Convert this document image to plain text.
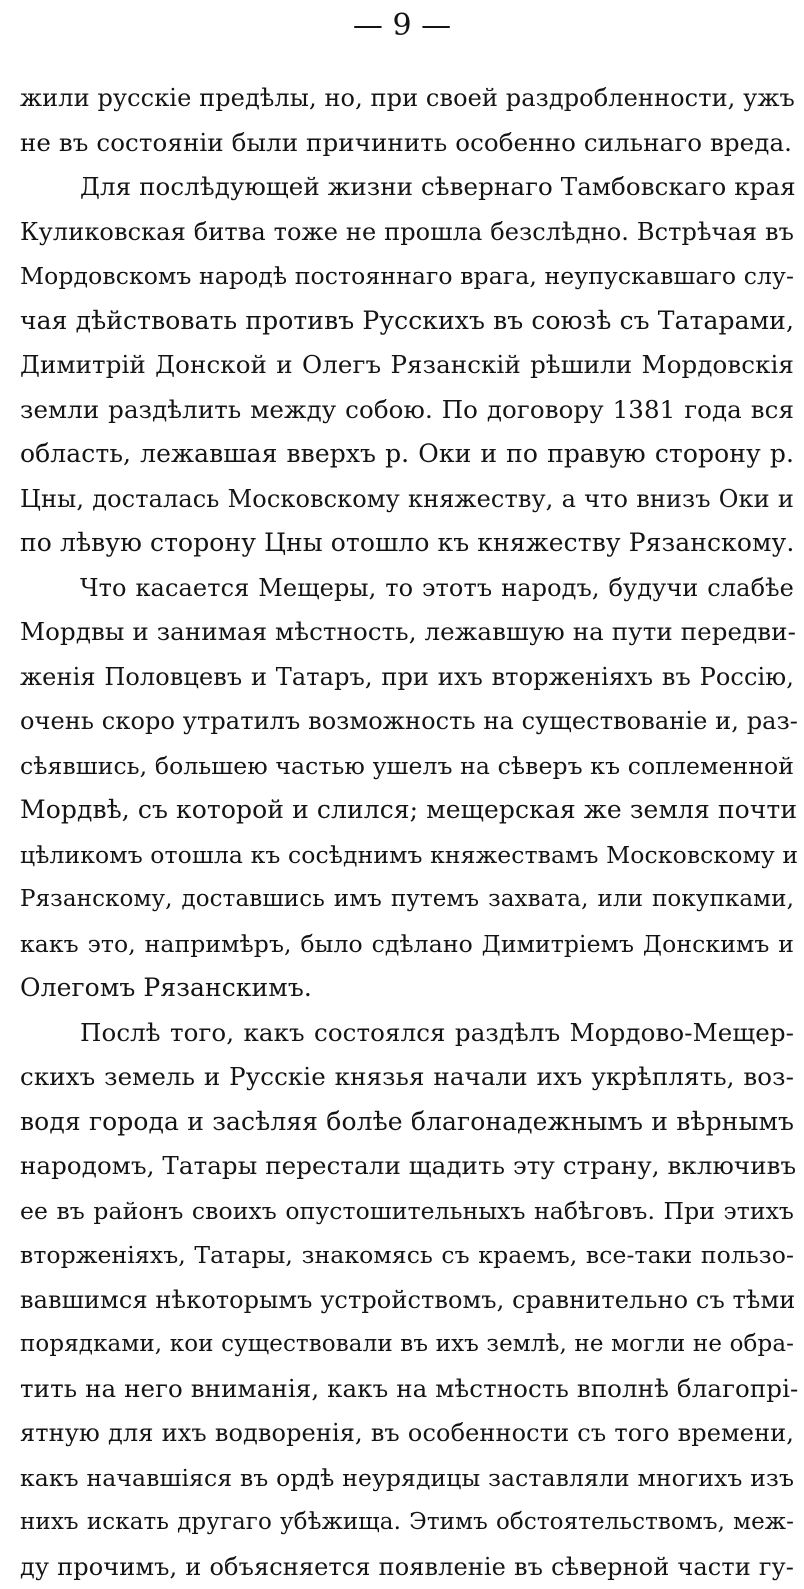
— 9 —
жили русскіе предѣлы, но, при своей раздробленности, ужъ
не въ состояніи были причинить особенно сильнаго вреда.
Для послѣдующей жизни сѣвернаго Тамбовскаго края
Куликовская битва тоже не прошла безслѣдно. Встрѣчая въ
Мордовскомъ народѣ постояннаго врага, неупускавшаго слу-
чая дѣйствовать противъ Русскихъ въ союзѣ съ Татарами,
Димитрій Донской и Олегъ Рязанскій рѣшили Мордовскія
земли раздѣлить между собою. По договору 1381 года вся
область, лежавшая вверхъ р. Оки и по правую сторону р.
Цны, досталась Московскому княжеству, а что внизъ Оки и
по лѣвую сторону Цны отошло къ княжеству Рязанскому.
Что касается Мещеры, то этотъ народъ, будучи слабѣе
Мордвы и занимая мѣстность, лежавшую на пути передви-
женія Половцевъ и Татаръ, при ихъ вторженіяхъ въ Россію,
очень скоро утратилъ возможность на существованіе и, раз-
сѣявшись, большею частью ушелъ на сѣверъ къ соплеменной
Мордвѣ, съ которой и слился; мещерская же земля почти
цѣликомъ отошла къ сосѣднимъ княжествамъ Московскому и
Рязанскому, доставшись имъ путемъ захвата, или покупками,
какъ это, напримѣръ, было сдѣлано Димитріемъ Донскимъ и
Олегомъ Рязанскимъ.
Послѣ того, какъ состоялся раздѣлъ Мордово-Мещер-
скихъ земель и Русскіе князья начали ихъ укрѣплять, воз-
водя города и засѣляя болѣе благонадежнымъ и вѣрнымъ
народомъ, Татары перестали щадить эту страну, включивъ
ее въ районъ своихъ опустошительныхъ набѣговъ. При этихъ
вторженіяхъ, Татары, знакомясь съ краемъ, все-таки пользо-
вавшимся нѣкоторымъ устройствомъ, сравнительно съ тѣми
порядками, кои существовали въ ихъ землѣ, не могли не обра-
тить на него вниманія, какъ на мѣстность вполнѣ благопрі-
ятную для ихъ водворенія, въ особенности съ того времени,
какъ начавшіяся въ ордѣ неурядицы заставляли многихъ изъ
нихъ искать другаго убѣжища. Этимъ обстоятельствомъ, меж-
ду прочимъ, и объясняется появленіе въ сѣверной части гу-
